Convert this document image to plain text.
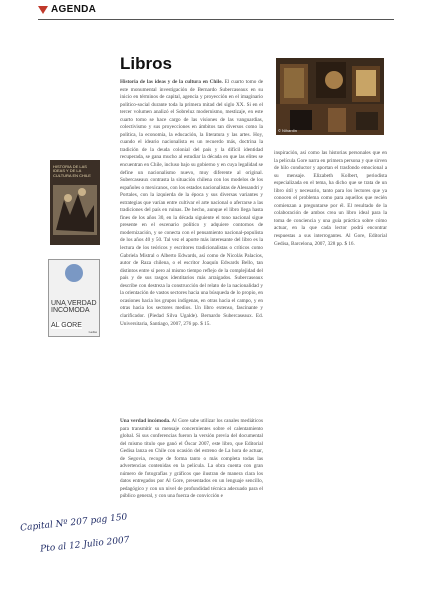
AGENDA
Libros
© Nihardin
HISTORIA DE LAS IDEAS Y DE LA CULTURA EN CHILE
UNA VERDAD INCÓMODA
AL GORE
Gedisa
Historia de las ideas y de la cultura en Chile. El cuarto tomo de este monumental investigación de Bernardo Subercaseaux en su inicio en términos de capital, agencia y proyección en el imaginario político-social durante toda la primera mitad del siglo XX. Si en el tercer volumen analizó el Sobreluz modernismo, mestizaje, en este cuarto tomo se hace cargo de las visiones de las vanguardias, colectivismo y sus proyecciones en ámbitos tan diversos como la política, la economía, la educación, la literatura y las artes. Hoy, cuando el ideario nacionalista es un recuerdo más, doctrina la tradición de la deuda colonial del país y la difícil identidad recuperada, se gana mucho al estudiar la década en que las elites se encuentran en Chile, incluso bajo su gobierno y en cuya legalidad se define un nacionalismo nuevo, muy diferente al original. Subercaseaux contrasta la situación chilena con los modelos de los españoles o mexicanos, con los estados nacionalistas de Alessandri y Portales, con la izquierda de la época y sus diversas variantes y estrategias que varían entre cultivar el arte nacional o aferrarse a las tradiciones del país en ruinas. De hecho, aunque el libro llega hasta fines de los años 30, en la década siguiente el tono nacional sigue presente en el escenario político y adquiere contornos de modernización, y se conecta con el pensamiento nacional-populista de los años 40 y 50. Tal vez el aporte más interesante del libro es la lectura de los teóricos y escritores tradicionalistas o críticos como Gabriela Mistral o Alberto Edwards, así como de Nicolás Palacios, autor de Raza chilena, o el escritor Joaquín Edwards Bello, tan distintos entre sí pero al mismo tiempo reflejo de la complejidad del país y de sus rasgos identitarios más arraigados. Subercaseaux describe con destreza la construcción del relato de la nacionalidad y la orientación de vastos sectores hacia una búsqueda de lo propio, en ocasiones hacia los grupos indígenas, en otras hacia el campo, y en otras hacia los sectores medios. Un libro extenso, fascinante y clarificador. (Piedad Silva Ugalde). Bernardo Subercaseaux. Ed. Universitaria, Santiago, 2007, 276 pp. $ 15.
Una verdad incómoda. Al Gore sabe utilizar los canales mediáticos para transmitir su mensaje concernientes sobre el calentamiento global. Si sus conferencias fueron la versión previa del documental del mismo título que ganó el Óscar 2007, este libro, que Editorial Gedisa lanza en Chile con ocasión del estreno de La hora de actuar, de Segovia, recoge de forma tanto o más completa todas las advertencias contenidas en la película. La obra cuenta con gran número de fotografías y gráficos que ilustran de manera clara los datos entregados por Al Gore, presentados en un lenguaje sencillo, pedagógico y con un nivel de profundidad técnica adecuado para el público general, y con una fuerza de convicción e
inspiración, así como las historias personales que en la película Gore narra en primera persona y que sirven de hilo conductor y aportan el trasfondo emocional a su mensaje. Elizabeth Kolbert, periodista especializada en el tema, ha dicho que se trata de un libro útil y necesario, tanto para los lectores que ya conocen el problema como para aquellos que recién comienzan a preguntarse por él. El resultado de la colaboración de ambos crea un libro ideal para la toma de conciencia y una guía práctica sobre cómo actuar, en la que cada lector podrá encontrar respuestas a sus interrogantes. Al Gore, Editorial Gedisa, Barcelona, 2007, 328 pp. $ 16.
Capital Nº 207 pag 150
Pto al 12 Julio 2007
